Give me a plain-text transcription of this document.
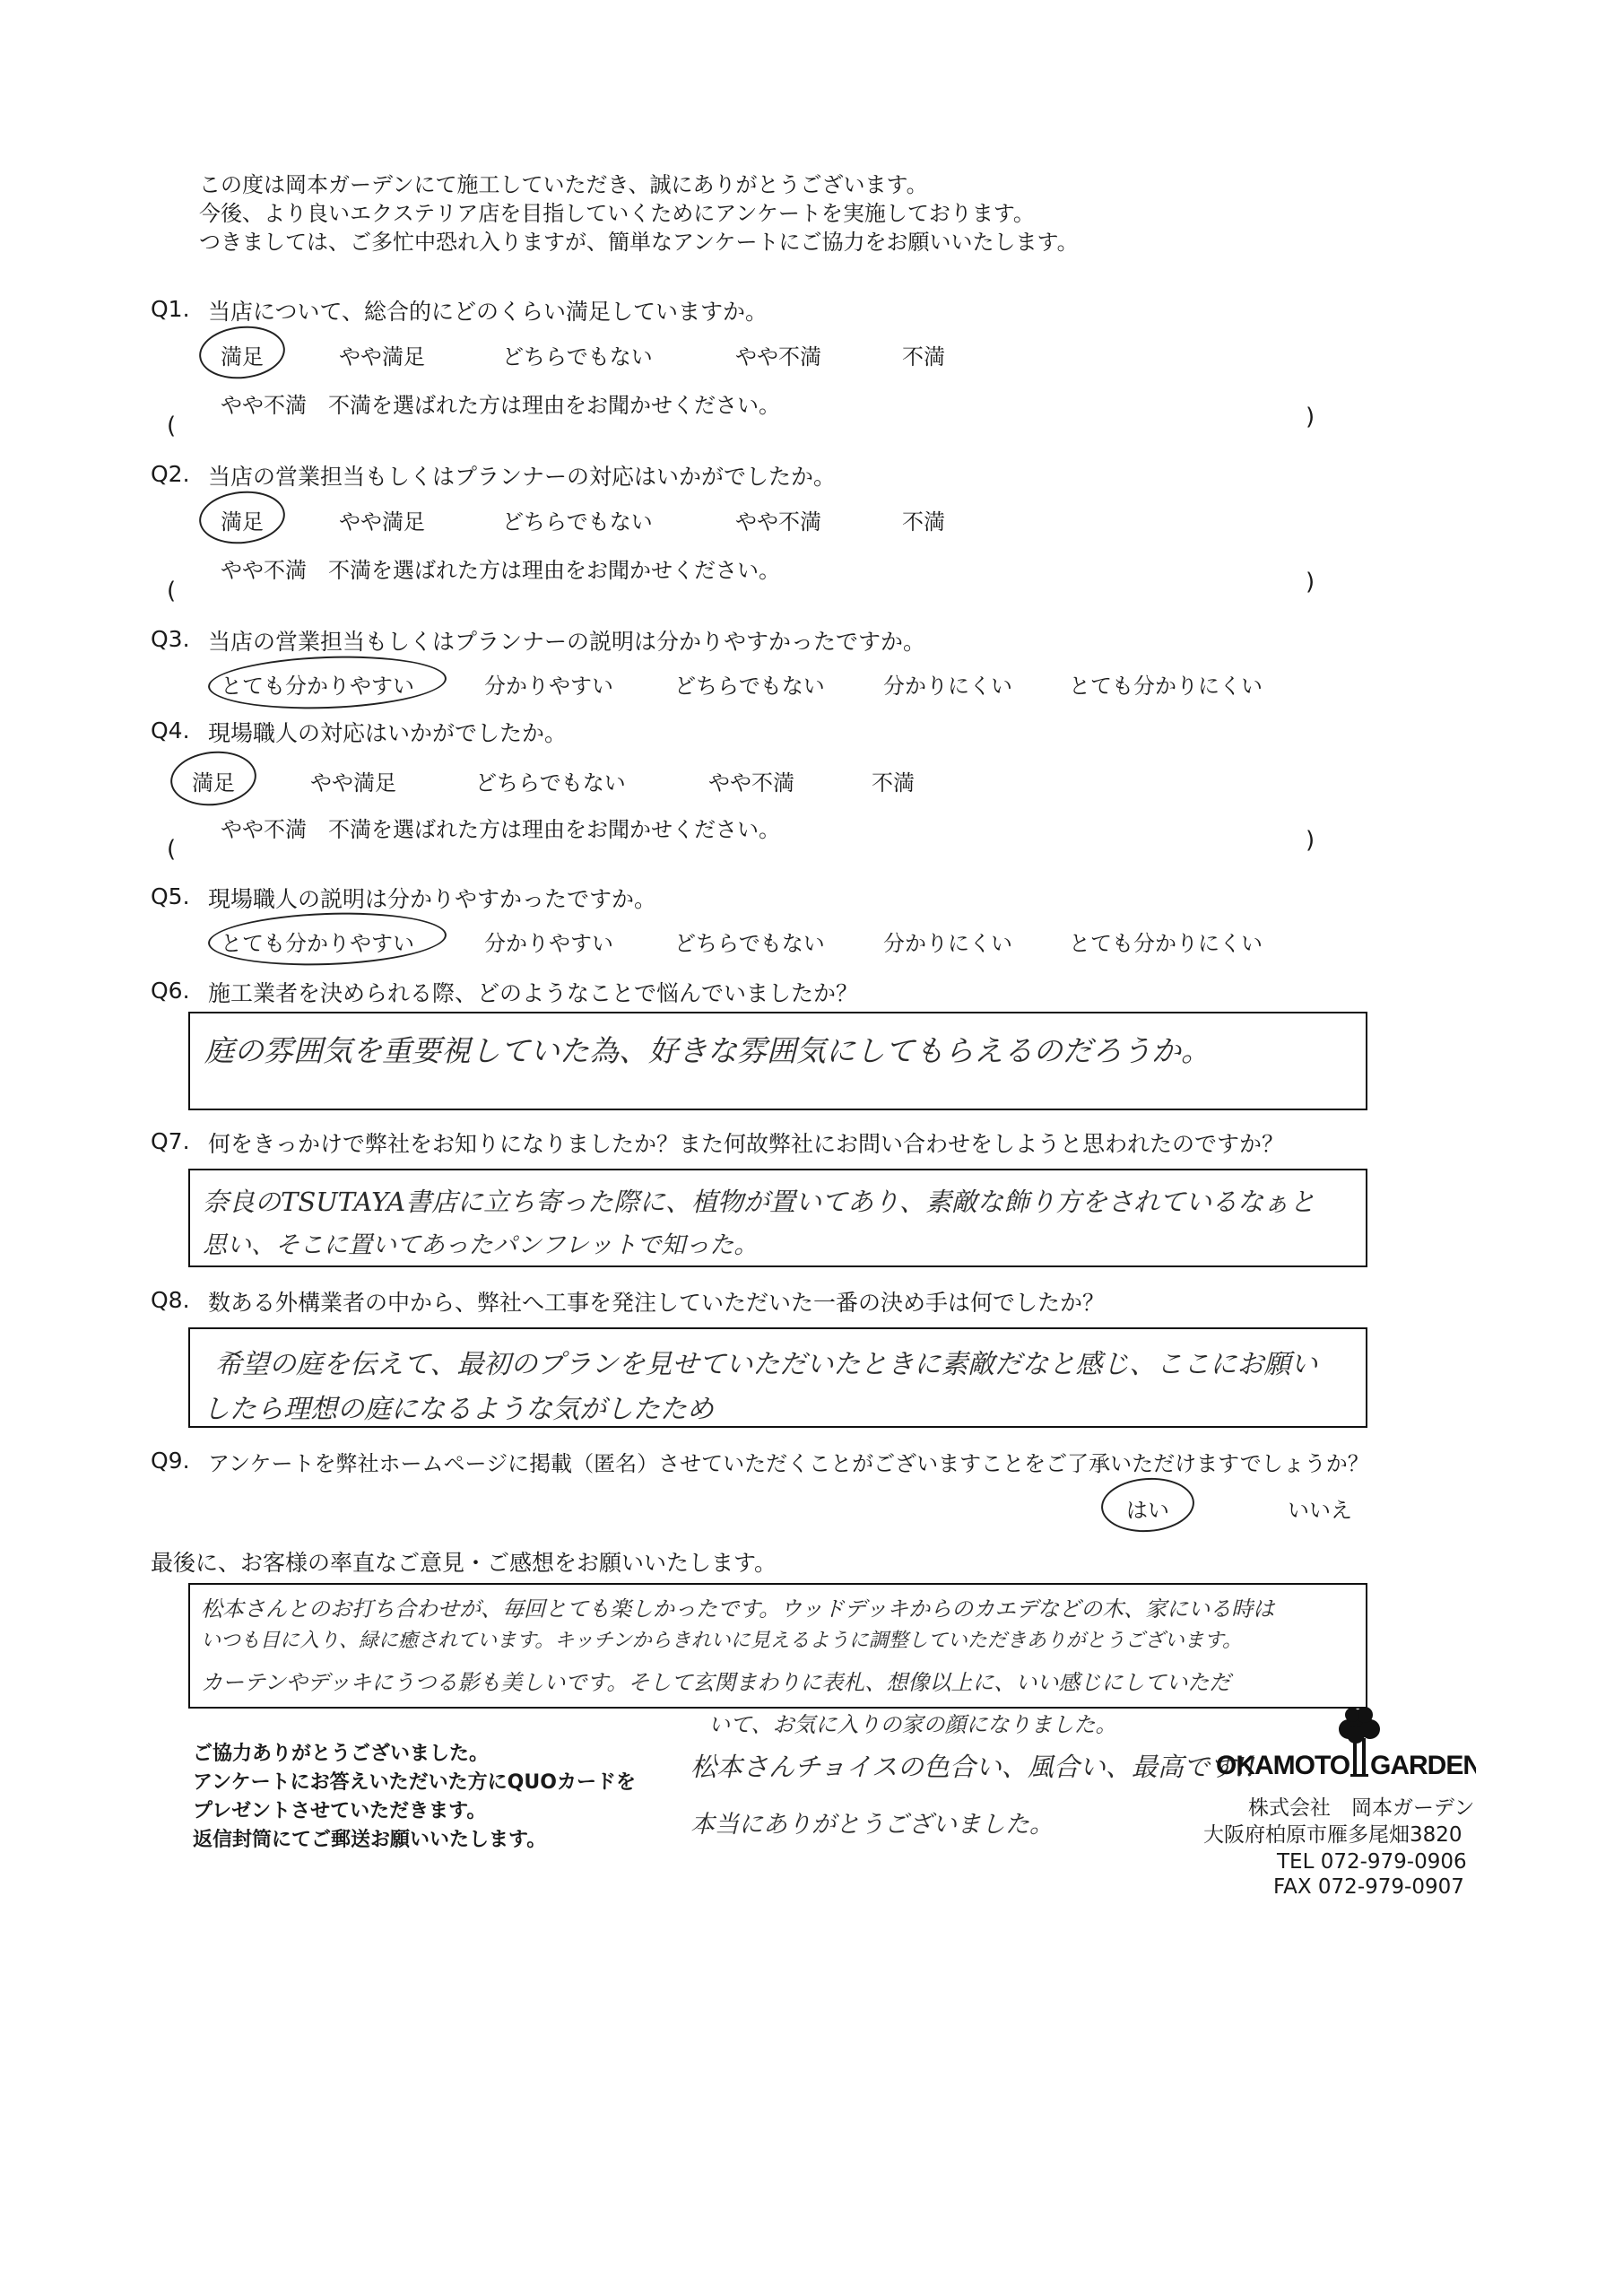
この度は岡本ガーデンにて施工していただき、誠にありがとうございます。
今後、より良いエクステリア店を目指していくためにアンケートを実施しております。
つきましては、ご多忙中恐れ入りますが、簡単なアンケートにご協力をお願いいたします。
Q1. 当店について、総合的にどのくらい満足していますか。
満足	やや満足	どちらでもない	やや不満	不満
やや不満　不満を選ばれた方は理由をお聞かせください。
(	)
Q2. 当店の営業担当もしくはプランナーの対応はいかがでしたか。
満足	やや満足	どちらでもない	やや不満	不満
やや不満　不満を選ばれた方は理由をお聞かせください。
(	)
Q3. 当店の営業担当もしくはプランナーの説明は分かりやすかったですか。
とても分かりやすい	分かりやすい	どちらでもない	分かりにくい	とても分かりにくい
Q4. 現場職人の対応はいかがでしたか。
満足	やや満足	どちらでもない	やや不満	不満
やや不満　不満を選ばれた方は理由をお聞かせください。
(	)
Q5. 現場職人の説明は分かりやすかったですか。
とても分かりやすい	分かりやすい	どちらでもない	分かりにくい	とても分かりにくい
Q6. 施工業者を決められる際、どのようなことで悩んでいましたか？
庭の雰囲気を重要視していた為、好きな雰囲気にしてもらえるのだろうか。
Q7. 何をきっかけで弊社をお知りになりましたか？また何故弊社にお問い合わせをしようと思われたのですか？
奈良のTSUTAYA書店に立ち寄った際に、植物が置いてあり、素敵な飾り方をされているなぁと
思い、そこに置いてあったパンフレットで知った。
Q8. 数ある外構業者の中から、弊社へ工事を発注していただいた一番の決め手は何でしたか？
希望の庭を伝えて、最初のプランを見せていただいたときに素敵だなと感じ、ここにお願い
したら理想の庭になるような気がしたため
Q9. アンケートを弊社ホームページに掲載（匿名）させていただくことがございますことをご了承いただけますでしょうか？
はい	いいえ
最後に、お客様の率直なご意見・ご感想をお願いいたします。
松本さんとのお打ち合わせが、毎回とても楽しかったです。ウッドデッキからのカエデなどの木、家にいる時は
いつも目に入り、緑に癒されています。キッチンからきれいに見えるように調整していただきありがとうございます。
カーテンやデッキにうつる影も美しいです。そして玄関まわりに表札、想像以上に、いい感じにしていただ
いて、お気に入りの家の顔になりました。
松本さんチョイスの色合い、風合い、最高です!!
本当にありがとうございました。
ご協力ありがとうございました。
アンケートにお答えいただいた方にQUOカードを
プレゼントさせていただきます。
返信封筒にてご郵送お願いいたします。
OKAMOTO GARDEN
株式会社　岡本ガーデン
大阪府柏原市雁多尾畑3820
TEL 072-979-0906
FAX 072-979-0907
